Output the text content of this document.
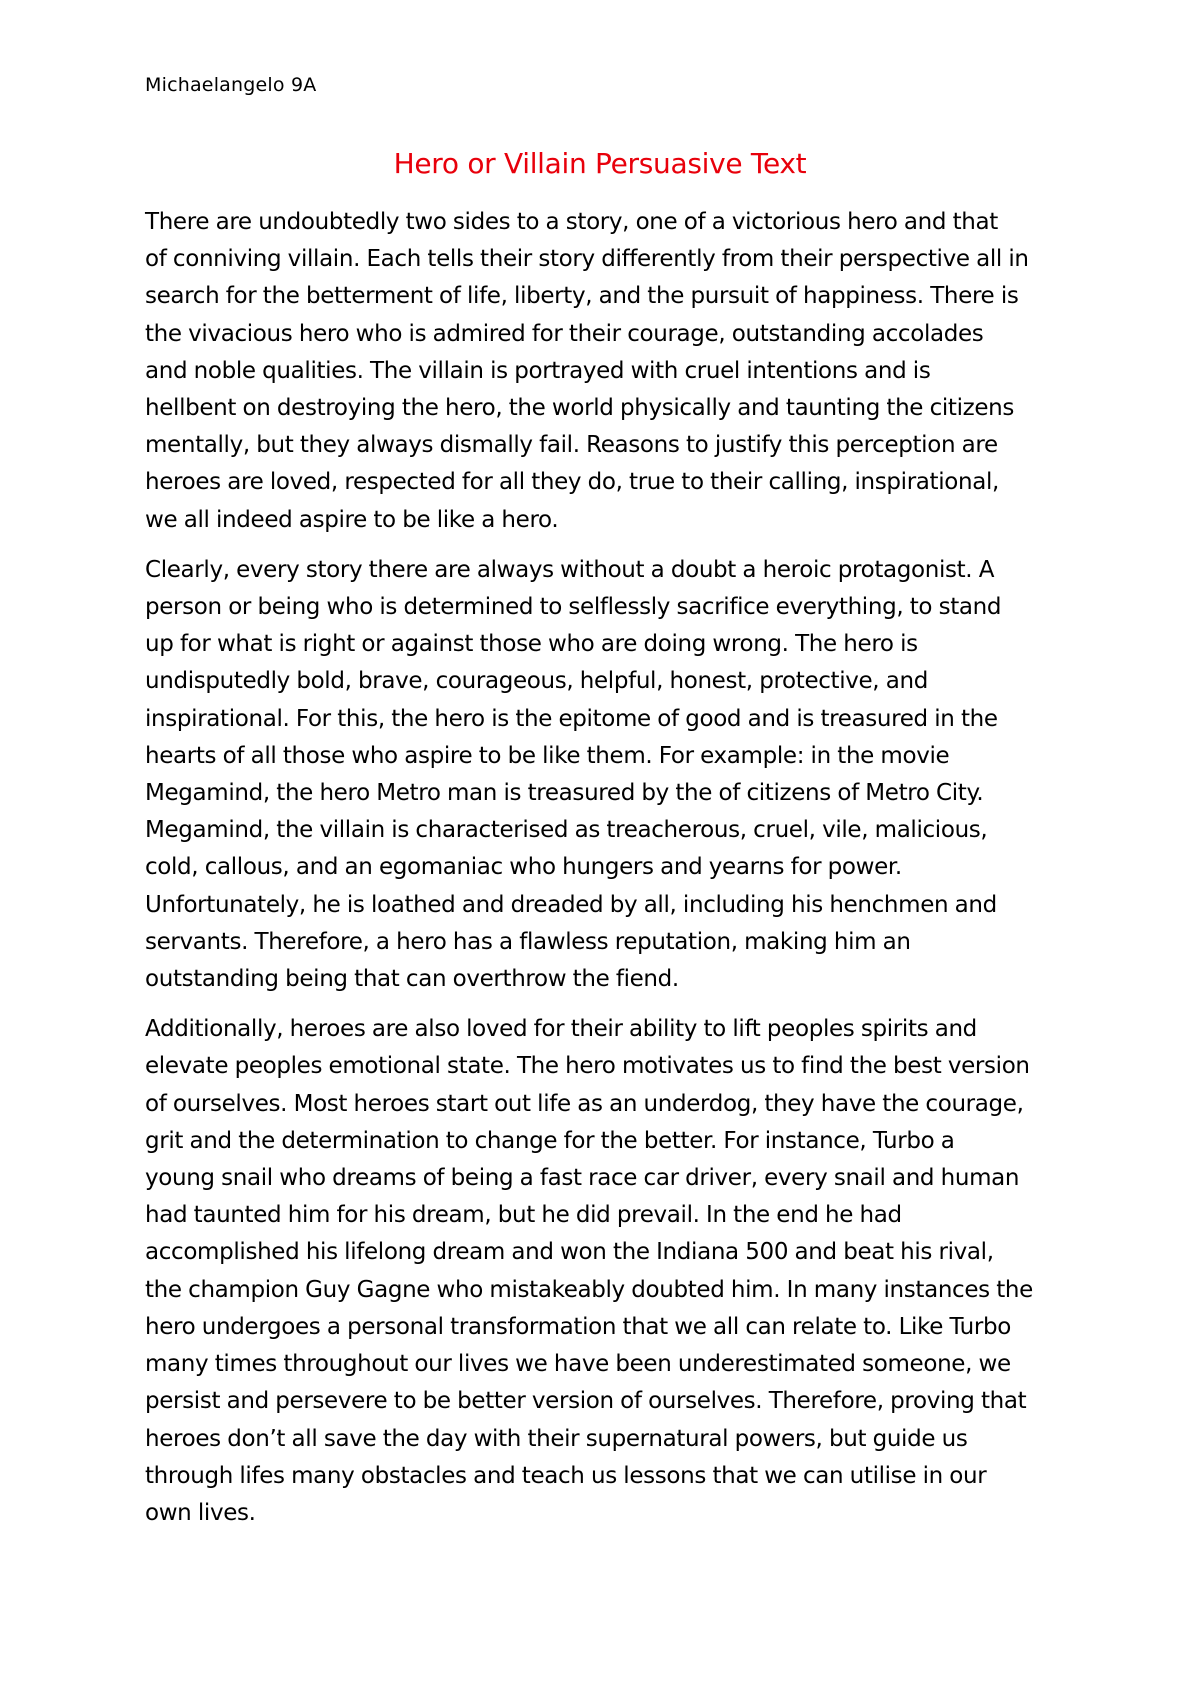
Michaelangelo 9A
Hero or Villain Persuasive Text

There are undoubtedly two sides to a story, one of a victorious hero and that
of conniving villain. Each tells their story differently from their perspective all in
search for the betterment of life, liberty, and the pursuit of happiness. There is
the vivacious hero who is admired for their courage, outstanding accolades
and noble qualities. The villain is portrayed with cruel intentions and is
hellbent on destroying the hero, the world physically and taunting the citizens
mentally, but they always dismally fail. Reasons to justify this perception are
heroes are loved, respected for all they do, true to their calling, inspirational,
we all indeed aspire to be like a hero.

Clearly, every story there are always without a doubt a heroic protagonist. A
person or being who is determined to selflessly sacrifice everything, to stand
up for what is right or against those who are doing wrong. The hero is
undisputedly bold, brave, courageous, helpful, honest, protective, and
inspirational. For this, the hero is the epitome of good and is treasured in the
hearts of all those who aspire to be like them. For example: in the movie
Megamind, the hero Metro man is treasured by the of citizens of Metro City.
Megamind, the villain is characterised as treacherous, cruel, vile, malicious,
cold, callous, and an egomaniac who hungers and yearns for power.
Unfortunately, he is loathed and dreaded by all, including his henchmen and
servants. Therefore, a hero has a flawless reputation, making him an
outstanding being that can overthrow the fiend.

Additionally, heroes are also loved for their ability to lift peoples spirits and
elevate peoples emotional state. The hero motivates us to find the best version
of ourselves. Most heroes start out life as an underdog, they have the courage,
grit and the determination to change for the better. For instance, Turbo a
young snail who dreams of being a fast race car driver, every snail and human
had taunted him for his dream, but he did prevail. In the end he had
accomplished his lifelong dream and won the Indiana 500 and beat his rival,
the champion Guy Gagne who mistakeably doubted him. In many instances the
hero undergoes a personal transformation that we all can relate to. Like Turbo
many times throughout our lives we have been underestimated someone, we
persist and persevere to be better version of ourselves. Therefore, proving that
heroes don’t all save the day with their supernatural powers, but guide us
through lifes many obstacles and teach us lessons that we can utilise in our
own lives.
